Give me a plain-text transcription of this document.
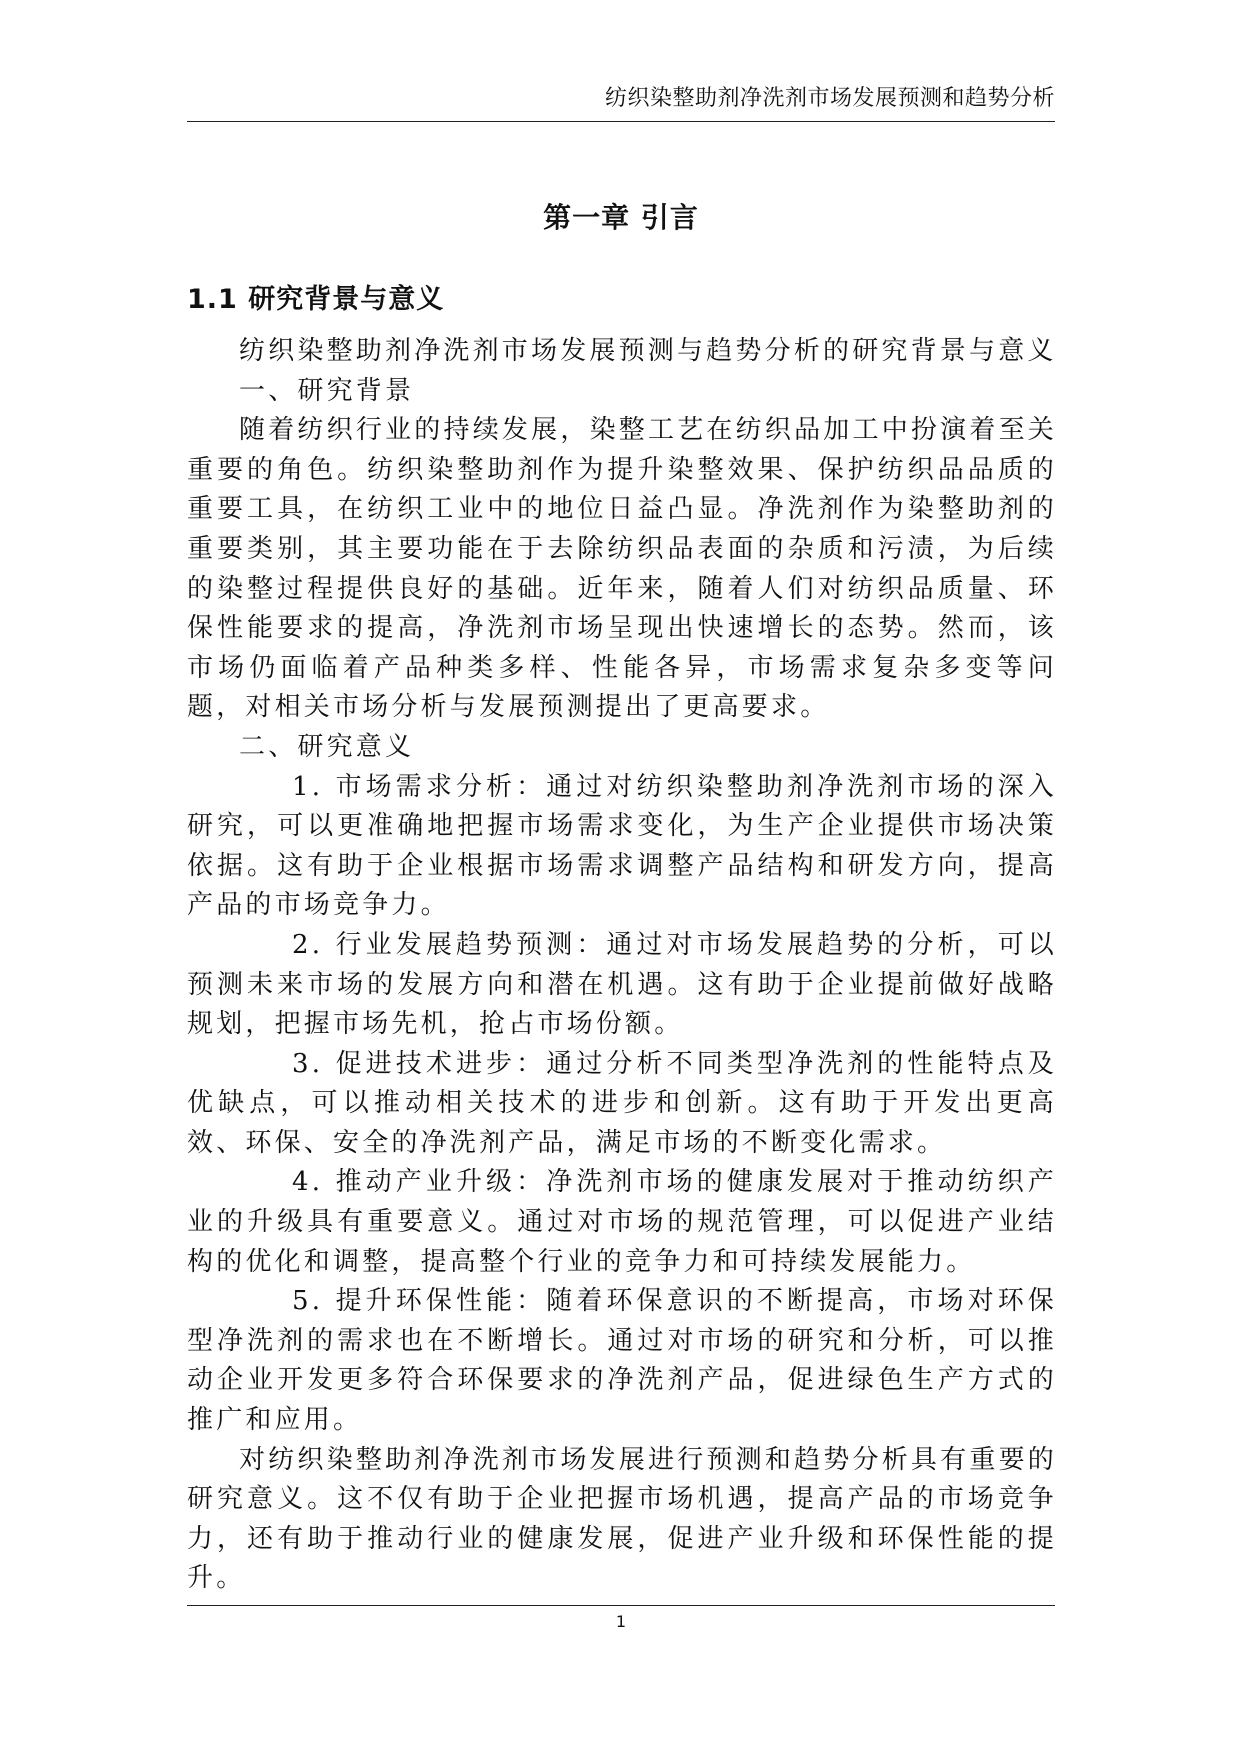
纺织染整助剂净洗剂市场发展预测和趋势分析
第一章 引言
1.1 研究背景与意义

纺织染整助剂净洗剂市场发展预测与趋势分析的研究背景与意义

一、研究背景

随着纺织行业的持续发展，染整工艺在纺织品加工中扮演着至关重要的角色。纺织染整助剂作为提升染整效果、保护纺织品品质的重要工具，在纺织工业中的地位日益凸显。净洗剂作为染整助剂的重要类别，其主要功能在于去除纺织品表面的杂质和污渍，为后续的染整过程提供良好的基础。近年来，随着人们对纺织品质量、环保性能要求的提高，净洗剂市场呈现出快速增长的态势。然而，该市场仍面临着产品种类多样、性能各异，市场需求复杂多变等问题，对相关市场分析与发展预测提出了更高要求。

二、研究意义

1. 市场需求分析：通过对纺织染整助剂净洗剂市场的深入研究，可以更准确地把握市场需求变化，为生产企业提供市场决策依据。这有助于企业根据市场需求调整产品结构和研发方向，提高产品的市场竞争力。

2. 行业发展趋势预测：通过对市场发展趋势的分析，可以预测未来市场的发展方向和潜在机遇。这有助于企业提前做好战略规划，把握市场先机，抢占市场份额。

3. 促进技术进步：通过分析不同类型净洗剂的性能特点及优缺点，可以推动相关技术的进步和创新。这有助于开发出更高效、环保、安全的净洗剂产品，满足市场的不断变化需求。

4. 推动产业升级：净洗剂市场的健康发展对于推动纺织产业的升级具有重要意义。通过对市场的规范管理，可以促进产业结构的优化和调整，提高整个行业的竞争力和可持续发展能力。

5. 提升环保性能：随着环保意识的不断提高，市场对环保型净洗剂的需求也在不断增长。通过对市场的研究和分析，可以推动企业开发更多符合环保要求的净洗剂产品，促进绿色生产方式的推广和应用。

对纺织染整助剂净洗剂市场发展进行预测和趋势分析具有重要的研究意义。这不仅有助于企业把握市场机遇，提高产品的市场竞争力，还有助于推动行业的健康发展，促进产业升级和环保性能的提升。

1
